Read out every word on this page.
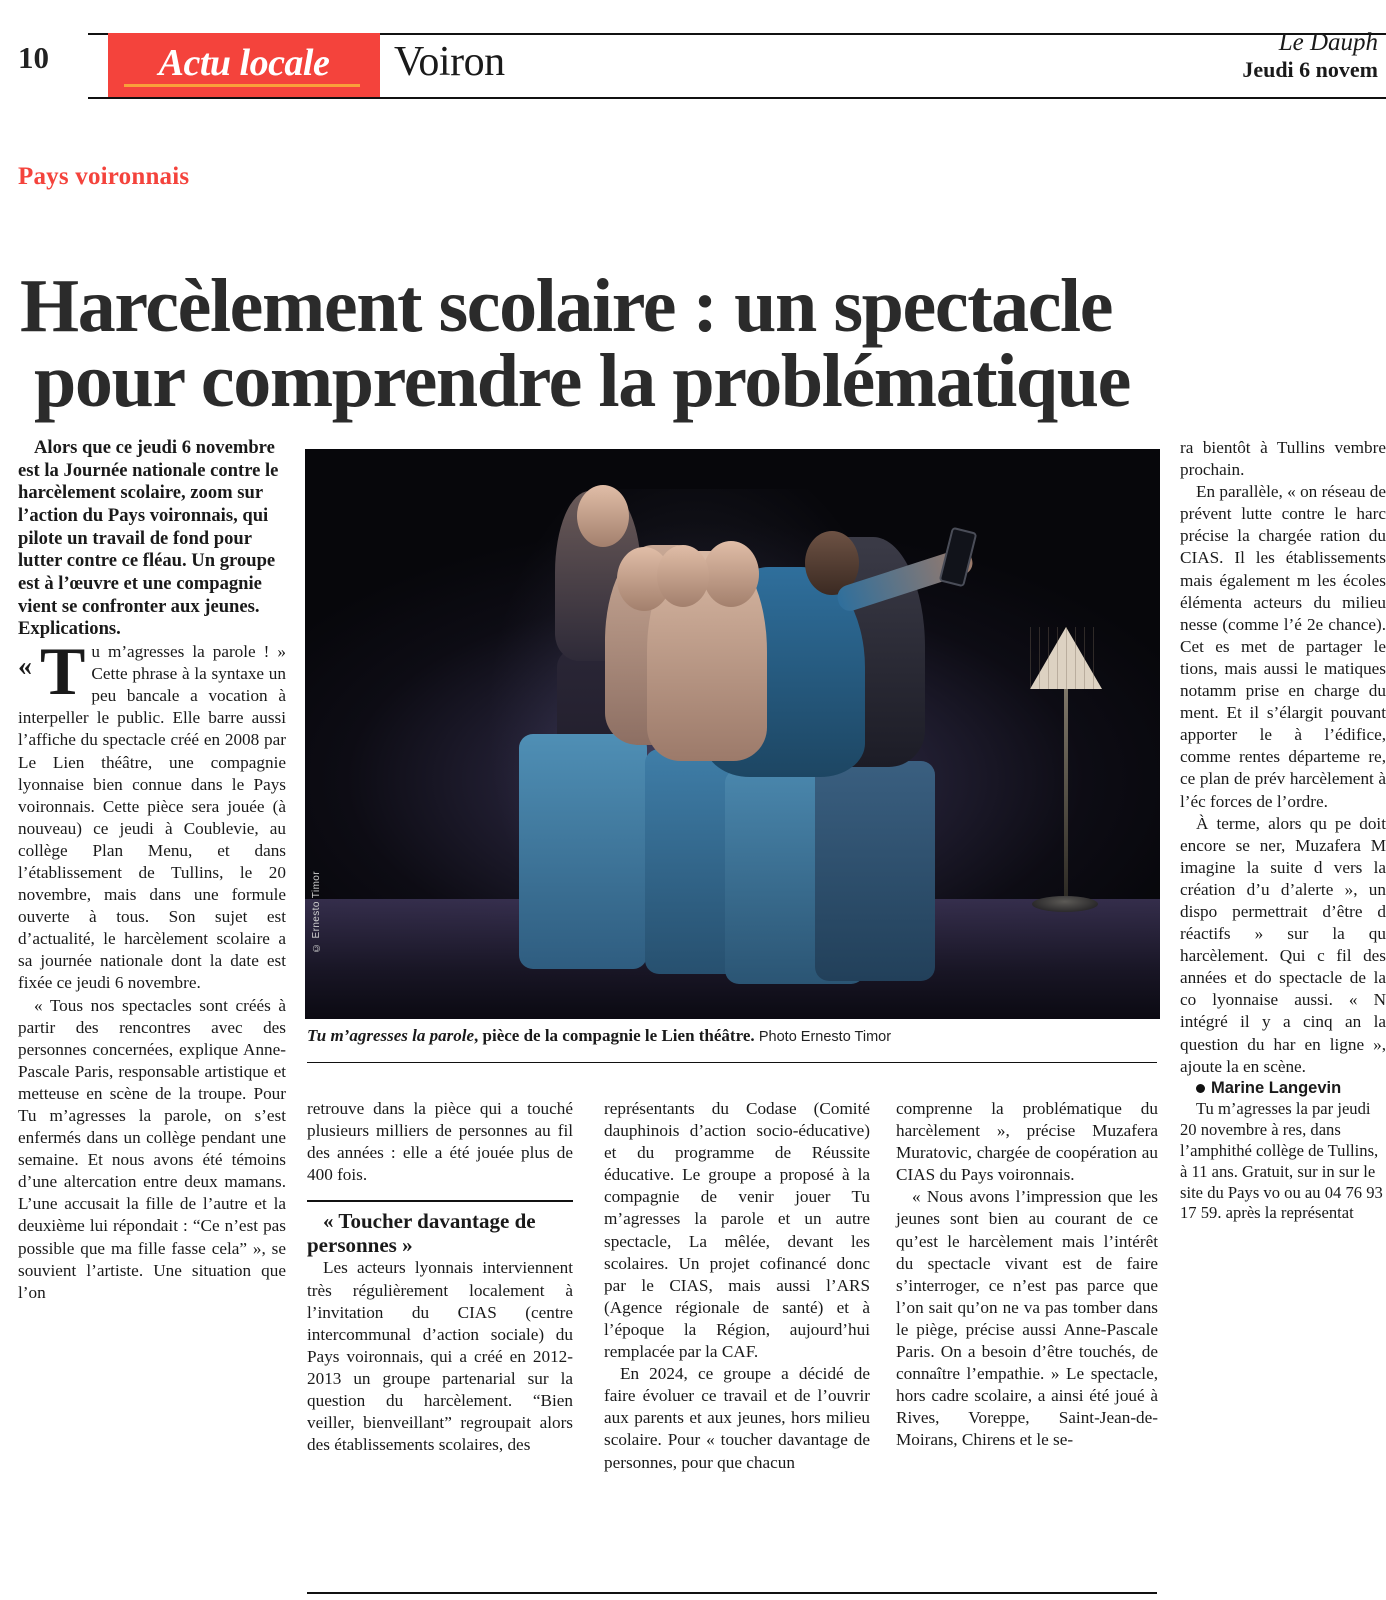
10	Actu locale Voiron	Le Dauph
Jeudi 6 novem
Pays voironnais
Harcèlement scolaire : un spectacle
pour comprendre la problématique
© Ernesto Timor
Tu m’agresses la parole, pièce de la compagnie le Lien théâtre. Photo Ernesto Timor

Alors que ce jeudi 6 novembre est la Journée nationale contre le harcèlement scolaire, zoom sur l’action du Pays voironnais, qui pilote un travail de fond pour lutter contre ce fléau. Un groupe est à l’œuvre et une compagnie vient se confronter aux jeunes. Explications.

« T u m’agresses la parole ! » Cette phrase à la syntaxe un peu bancale a vocation à interpeller le public. Elle barre aussi l’affiche du spectacle créé en 2008 par Le Lien théâtre, une compagnie lyonnaise bien connue dans le Pays voironnais. Cette pièce sera jouée (à nouveau) ce jeudi à Coublevie, au collège Plan Menu, et dans l’établissement de Tullins, le 20 novembre, mais dans une formule ouverte à tous. Son sujet est d’actualité, le harcèlement scolaire a sa journée nationale dont la date est fixée ce jeudi 6 novembre.

« Tous nos spectacles sont créés à partir des rencontres avec des personnes concernées, explique Anne-Pascale Paris, responsable artistique et metteuse en scène de la troupe. Pour Tu m’agresses la parole, on s’est enfermés dans un collège pendant une semaine. Et nous avons été témoins d’une altercation entre deux mamans. L’une accusait la fille de l’autre et la deuxième lui répondait : “Ce n’est pas possible que ma fille fasse cela” », se souvient l’artiste. Une situation que l’on

retrouve dans la pièce qui a touché plusieurs milliers de personnes au fil des années : elle a été jouée plus de 400 fois.

« Toucher davantage de personnes »

Les acteurs lyonnais interviennent très régulièrement localement à l’invitation du CIAS (centre intercommunal d’action sociale) du Pays voironnais, qui a créé en 2012-2013 un groupe partenarial sur la question du harcèlement. “Bien veiller, bienveillant” regroupait alors des établissements scolaires, des

représentants du Codase (Comité dauphinois d’action socio-éducative) et du programme de Réussite éducative. Le groupe a proposé à la compagnie de venir jouer Tu m’agresses la parole et un autre spectacle, La mêlée, devant les scolaires. Un projet cofinancé donc par le CIAS, mais aussi l’ARS (Agence régionale de santé) et à l’époque la Région, aujourd’hui remplacée par la CAF.

En 2024, ce groupe a décidé de faire évoluer ce travail et de l’ouvrir aux parents et aux jeunes, hors milieu scolaire. Pour « toucher davantage de personnes, pour que chacun

comprenne la problématique du harcèlement », précise Muzafera Muratovic, chargée de coopération au CIAS du Pays voironnais.

« Nous avons l’impression que les jeunes sont bien au courant de ce qu’est le harcèlement mais l’intérêt du spectacle vivant est de faire s’interroger, ce n’est pas parce que l’on sait qu’on ne va pas tomber dans le piège, précise aussi Anne-Pascale Paris. On a besoin d’être touchés, de connaître l’empathie. » Le spectacle, hors cadre scolaire, a ainsi été joué à Rives, Voreppe, Saint-Jean-de-Moirans, Chirens et le se-

ra bientôt à Tullins vembre prochain.

En parallèle, « on réseau de prévent lutte contre le harc précise la chargée ration du CIAS. Il les établissements mais également m les écoles élémenta acteurs du milieu nesse (comme l’é 2e chance). Cet es met de partager le tions, mais aussi le matiques notamm prise en charge du ment. Et il s’élargit pouvant apporter le à l’édifice, comme rentes départeme re, ce plan de prév harcèlement à l’éc forces de l’ordre.

À terme, alors qu pe doit encore se ner, Muzafera M imagine la suite d vers la création d’u d’alerte », un dispo permettrait d’être d réactifs » sur la qu harcèlement. Qui c fil des années et do spectacle de la co lyonnaise aussi. « N intégré il y a cinq an la question du har en ligne », ajoute la en scène.

Marine Langevin

Tu m’agresses la par jeudi 20 novembre à res, dans l’amphithé collège de Tullins, à 11 ans. Gratuit, sur in sur le site du Pays vo ou au 04 76 93 17 59. après la représentat
